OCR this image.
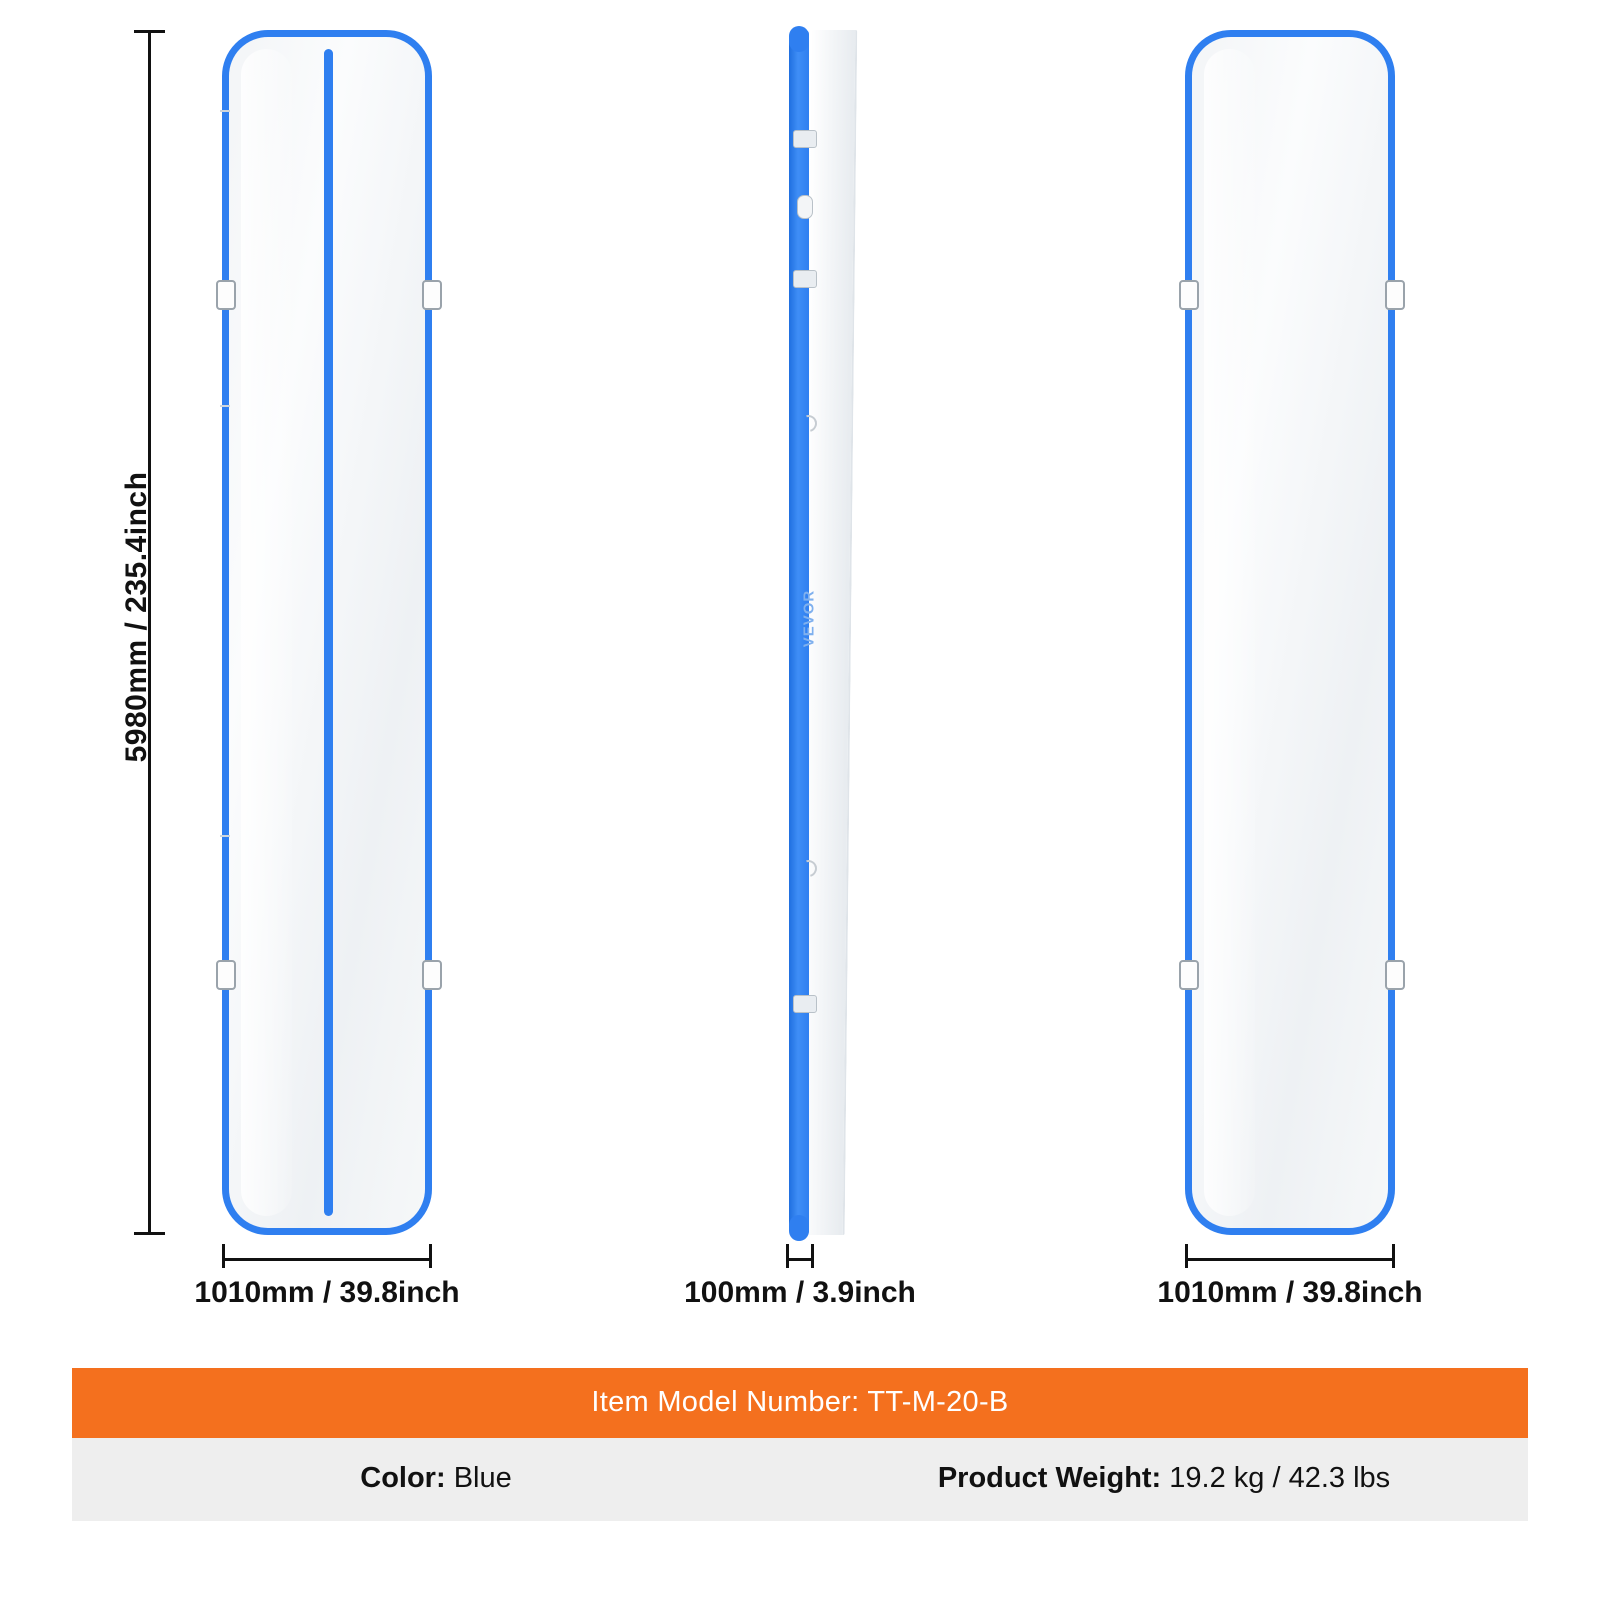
5980mm / 235.4inch
1010mm / 39.8inch
VEVOR
100mm / 3.9inch	1010mm / 39.8inch
Item Model Number: TT-M-20-B
Color: Blue	Product Weight: 19.2 kg / 42.3 lbs
